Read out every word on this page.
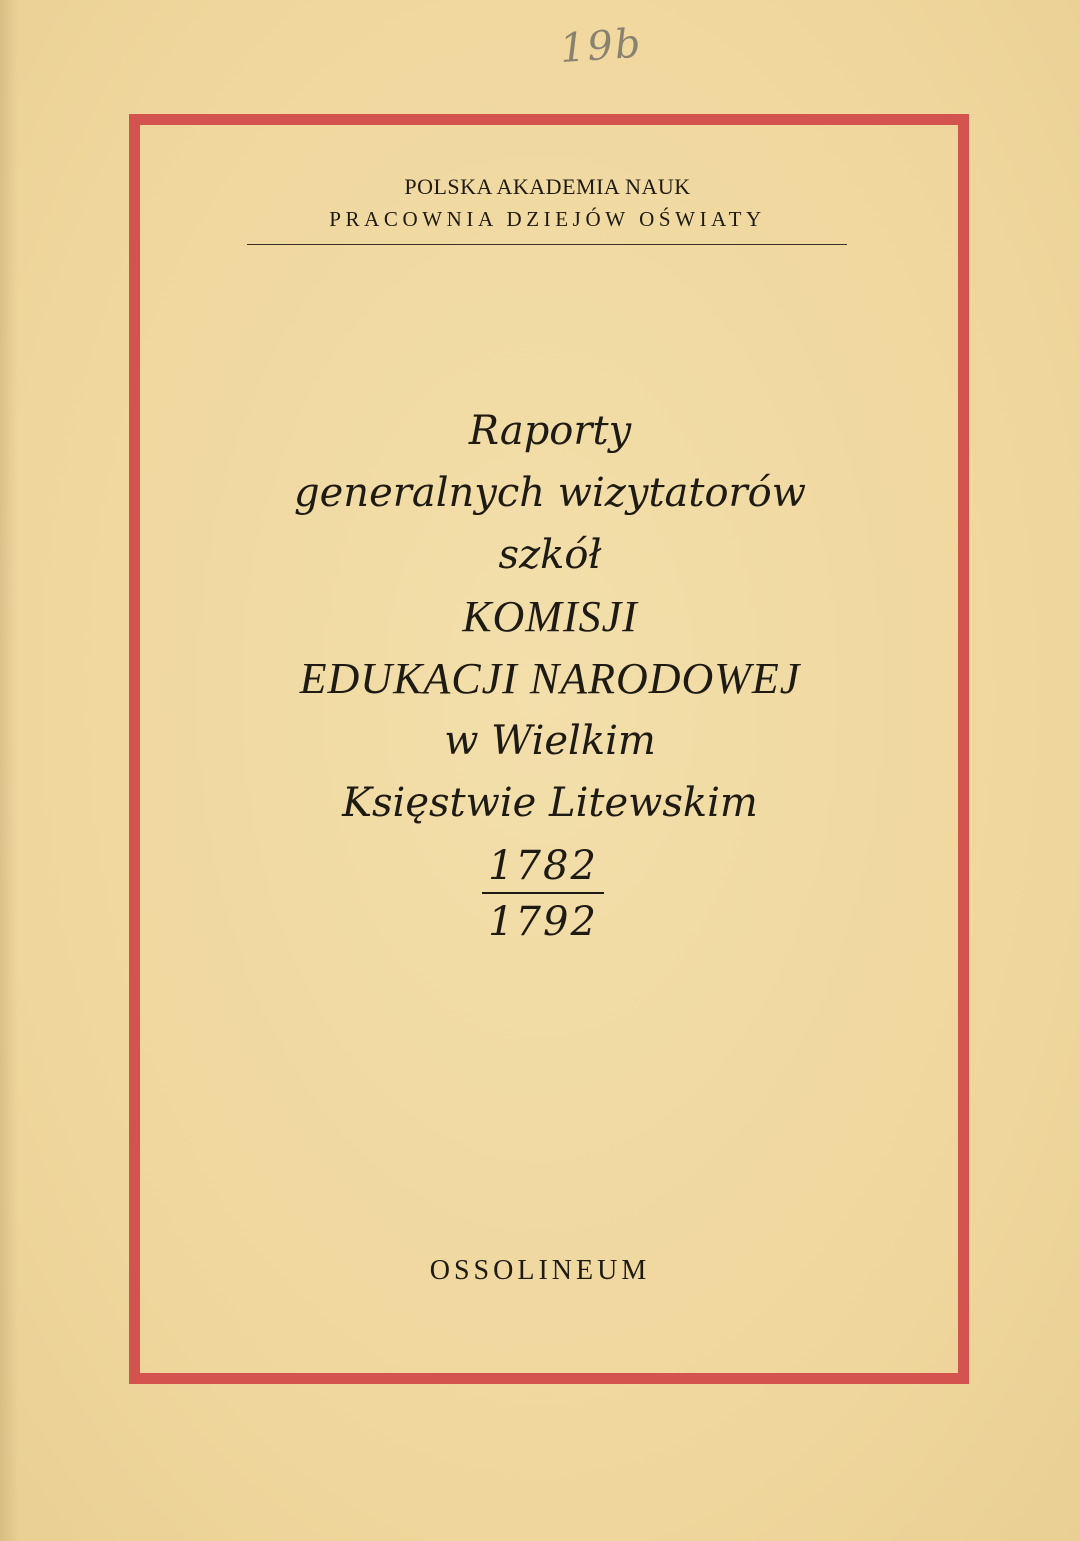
19b
POLSKA AKADEMIA NAUK
PRACOWNIA DZIEJÓW OŚWIATY
Raporty
generalnych wizytatorów
szkół
KOMISJI
EDUKACJI NARODOWEJ
w Wielkim
Księstwie Litewskim
1782
1792
OSSOLINEUM
